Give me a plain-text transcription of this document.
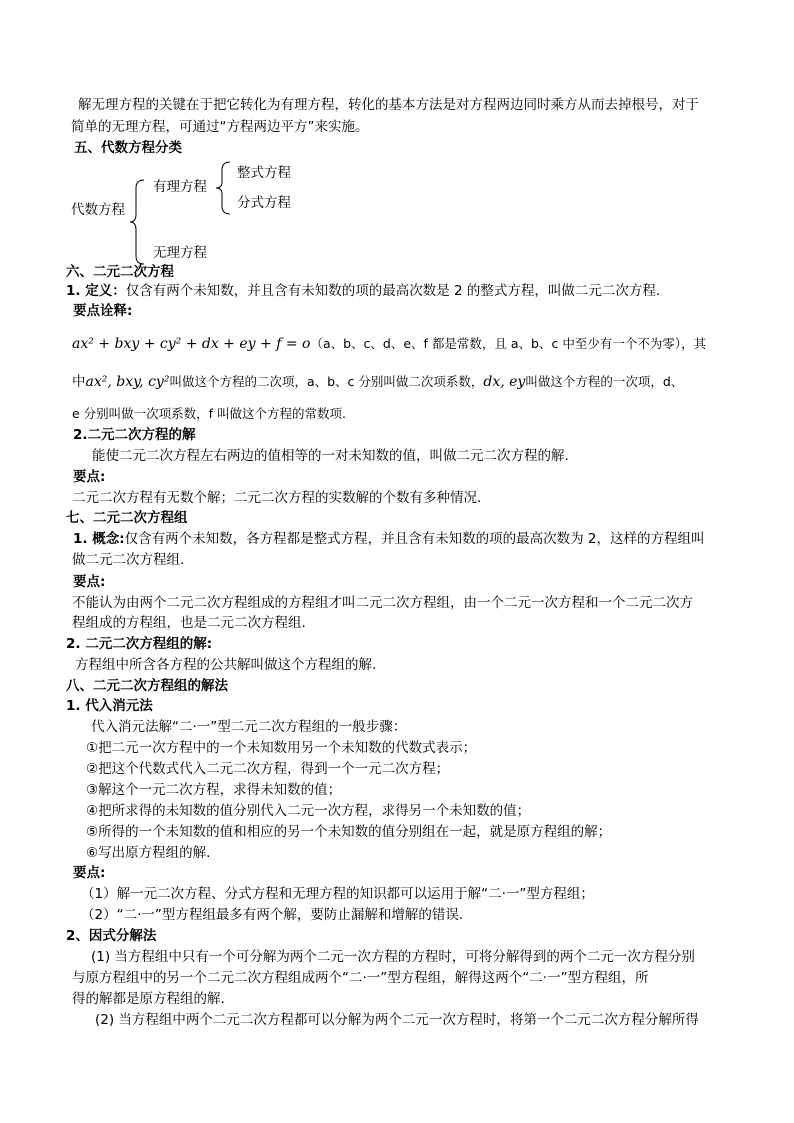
解无理方程的关键在于把它转化为有理方程，转化的基本方法是对方程两边同时乘方从而去掉根号，对于
简单的无理方程，可通过“方程两边平方”来实施。
五、代数方程分类
整式方程
有理方程
分式方程
代数方程
无理方程
六、二元二次方程
1. 定义：仅含有两个未知数，并且含有未知数的项的最高次数是 2 的整式方程，叫做二元二次方程.
要点诠释:
ax² + bxy + cy² + dx + ey + f = o（a、b、c、d、e、f 都是常数，且 a、b、c 中至少有一个不为零），其
中ax², bxy, cy²叫做这个方程的二次项，a、b、c 分别叫做二次项系数，dx, ey叫做这个方程的一次项，d、
e 分别叫做一次项系数，f 叫做这个方程的常数项.
2.二元二次方程的解
能使二元二次方程左右两边的值相等的一对未知数的值，叫做二元二次方程的解.
要点:
二元二次方程有无数个解；二元二次方程的实数解的个数有多种情况.
七、二元二次方程组
1. 概念:仅含有两个未知数，各方程都是整式方程，并且含有未知数的项的最高次数为 2，这样的方程组叫
做二元二次方程组.
要点:
不能认为由两个二元二次方程组成的方程组才叫二元二次方程组，由一个二元一次方程和一个二元二次方
程组成的方程组，也是二元二次方程组.
2. 二元二次方程组的解:
方程组中所含各方程的公共解叫做这个方程组的解.
八、二元二次方程组的解法
1. 代入消元法
代入消元法解“二·一”型二元二次方程组的一般步骤：
①把二元一次方程中的一个未知数用另一个未知数的代数式表示；
②把这个代数式代入二元二次方程，得到一个一元二次方程；
③解这个一元二次方程，求得未知数的值；
④把所求得的未知数的值分别代入二元一次方程，求得另一个未知数的值；
⑤所得的一个未知数的值和相应的另一个未知数的值分别组在一起，就是原方程组的解；
⑥写出原方程组的解.
要点:
（1）解一元二次方程、分式方程和无理方程的知识都可以运用于解“二·一”型方程组；
（2）“二·一”型方程组最多有两个解，要防止漏解和增解的错误.
2、因式分解法
(1) 当方程组中只有一个可分解为两个二元一次方程的方程时，可将分解得到的两个二元一次方程分别
与原方程组中的另一个二元二次方程组成两个“二·一”型方程组，解得这两个“二·一”型方程组，所
得的解都是原方程组的解.
(2) 当方程组中两个二元二次方程都可以分解为两个二元一次方程时，将第一个二元二次方程分解所得
